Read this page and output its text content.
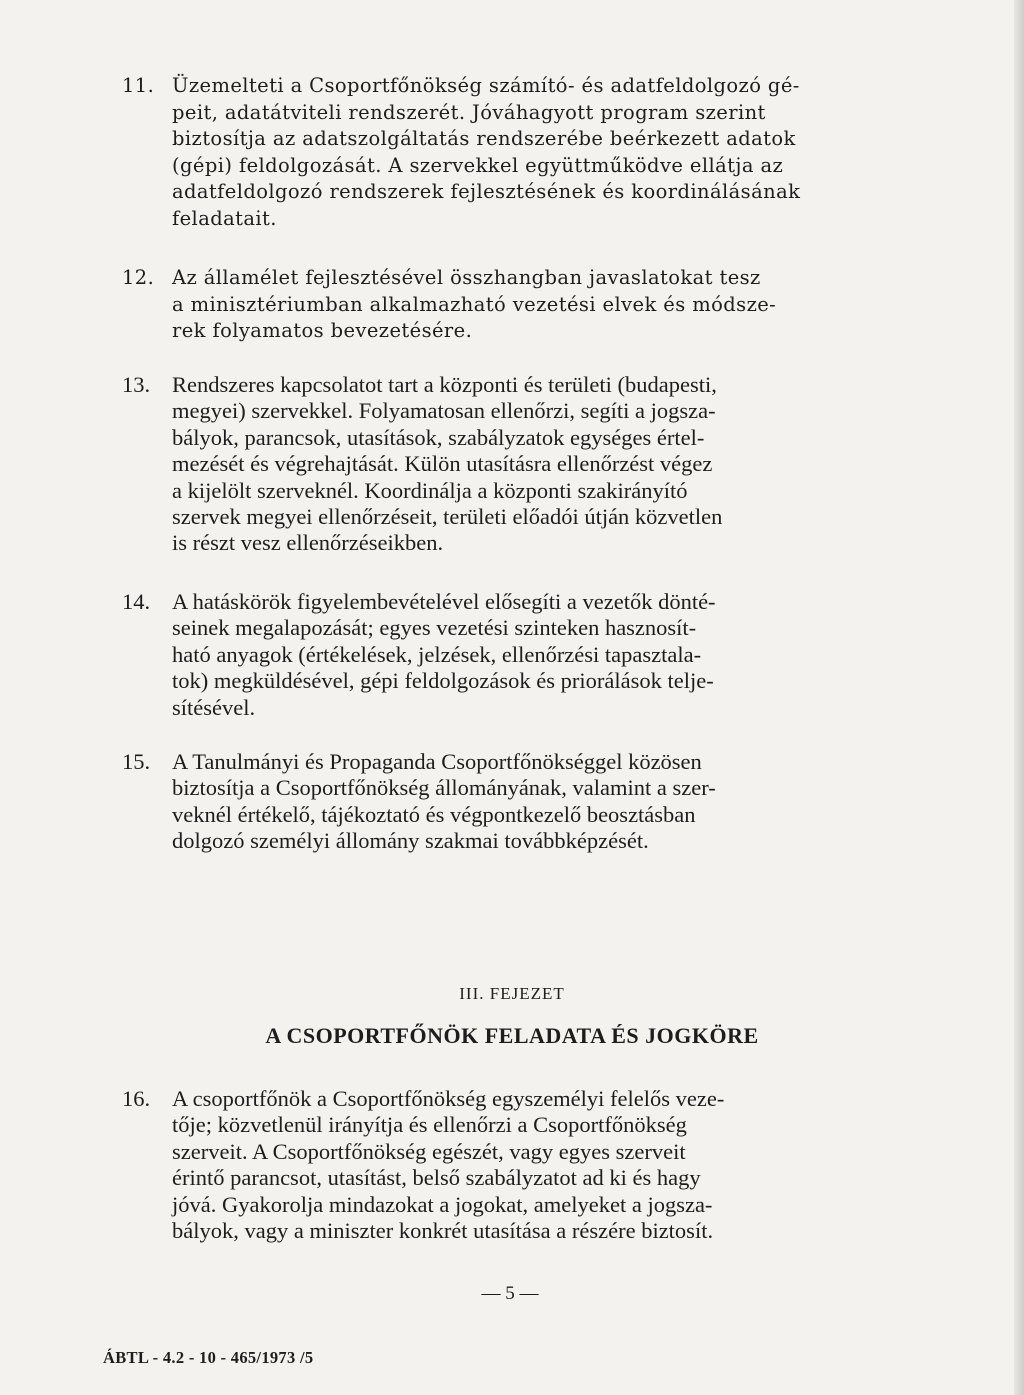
11. Üzemelteti a Csoportfőnökség számító- és adatfeldolgozó gé-
peit, adatátviteli rendszerét. Jóváhagyott program szerint
biztosítja az adatszolgáltatás rendszerébe beérkezett adatok
(gépi) feldolgozását. A szervekkel együttműködve ellátja az
adatfeldolgozó rendszerek fejlesztésének és koordinálásának
feladatait.
12. Az államélet fejlesztésével összhangban javaslatokat tesz
a minisztériumban alkalmazható vezetési elvek és módsze-
rek folyamatos bevezetésére.
13. Rendszeres kapcsolatot tart a központi és területi (budapesti,
megyei) szervekkel. Folyamatosan ellenőrzi, segíti a jogsza-
bályok, parancsok, utasítások, szabályzatok egységes értel-
mezését és végrehajtását. Külön utasításra ellenőrzést végez
a kijelölt szerveknél. Koordinálja a központi szakirányító
szervek megyei ellenőrzéseit, területi előadói útján közvetlen
is részt vesz ellenőrzéseikben.
14. A hatáskörök figyelembevételével elősegíti a vezetők dönté-
seinek megalapozását; egyes vezetési szinteken hasznosít-
ható anyagok (értékelések, jelzések, ellenőrzési tapasztala-
tok) megküldésével, gépi feldolgozások és priorálások telje-
sítésével.
15. A Tanulmányi és Propaganda Csoportfőnökséggel közösen
biztosítja a Csoportfőnökség állományának, valamint a szer-
veknél értékelő, tájékoztató és végpontkezelő beosztásban
dolgozó személyi állomány szakmai továbbképzését.
III. FEJEZET
A CSOPORTFŐNÖK FELADATA ÉS JOGKÖRE
16. A csoportfőnök a Csoportfőnökség egyszemélyi felelős veze-
tője; közvetlenül irányítja és ellenőrzi a Csoportfőnökség
szerveit. A Csoportfőnökség egészét, vagy egyes szerveit
érintő parancsot, utasítást, belső szabályzatot ad ki és hagy
jóvá. Gyakorolja mindazokat a jogokat, amelyeket a jogsza-
bályok, vagy a miniszter konkrét utasítása a részére biztosít.
— 5 —
ÁBTL - 4.2 - 10 - 465/1973 /5
